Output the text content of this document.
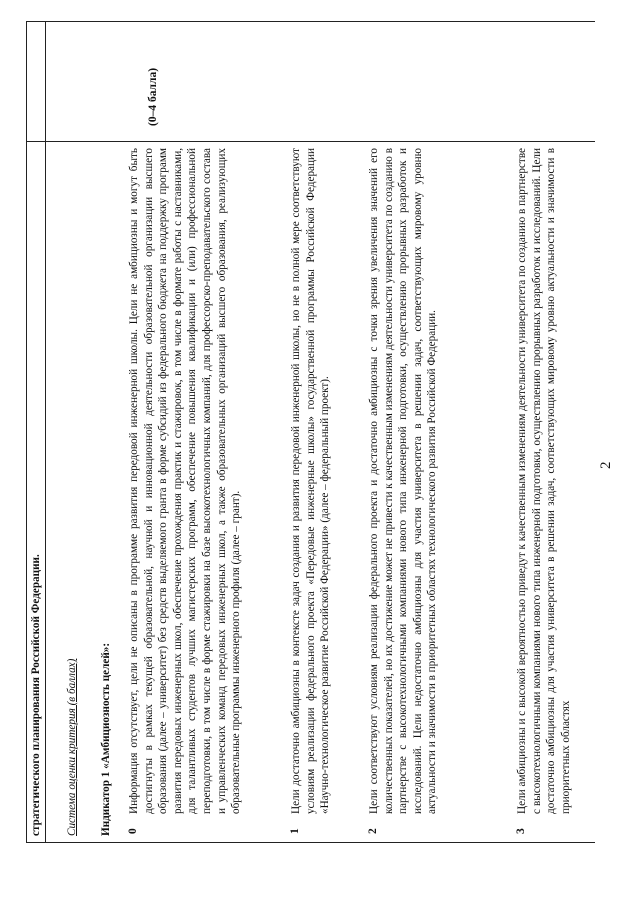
2
стратегического планирования Российской Федерации. Система оценки критерия (в баллах) Индикатор 1 «Амбициозность целей»:
(0–4 балла)
0
Информация отсутствует, цели не описаны в программе развития передовой инженерной школы. Цели не амбициозны и могут быть достигнуты в рамках текущей образовательной, научной и инновационной деятельности образовательной организации высшего образования (далее – университет) без средств выделяемого гранта в форме субсидий из федерального бюджета на поддержку программ развития передовых инженерных школ, обеспечение прохождения практик и стажировок, в том числе в формате работы с наставниками, для талантливых студентов лучших магистерских программ, обеспечение повышения квалификации и (или) профессиональной переподготовки, в том числе в форме стажировки на базе высокотехнологичных компаний, для профессорско-преподавательского состава и управленческих команд передовых инженерных школ, а также образовательных организаций высшего образования, реализующих образовательные программы инженерного профиля (далее – грант).
1
Цели достаточно амбициозны в контексте задач создания и развития передовой инженерной школы, но не в полной мере соответствуют условиям реализации федерального проекта «Передовые инженерные школы» государственной программы Российской Федерации «Научно-технологическое развитие Российской Федерации» (далее – федеральный проект).
2
Цели соответствуют условиям реализации федерального проекта и достаточно амбициозны с точки зрения увеличения значений его количественных показателей, но их достижение может не привести к качественным изменениям деятельности университета по созданию в партнерстве с высокотехнологичными компаниями нового типа инженерной подготовки, осуществлению прорывных разработок и исследований. Цели недостаточно амбициозны для участия университета в решении задач, соответствующих мировому уровню актуальности и значимости в приоритетных областях технологического развития Российской Федерации.
3
Цели амбициозны и с высокой вероятностью приведут к качественным изменениям деятельности университета по созданию в партнерстве с высокотехнологичными компаниями нового типа инженерной подготовки, осуществлению прорывных разработок и исследований. Цели достаточно амбициозны для участия университета в решении задач, соответствующих мировому уровню актуальности и значимости в приоритетных областях
